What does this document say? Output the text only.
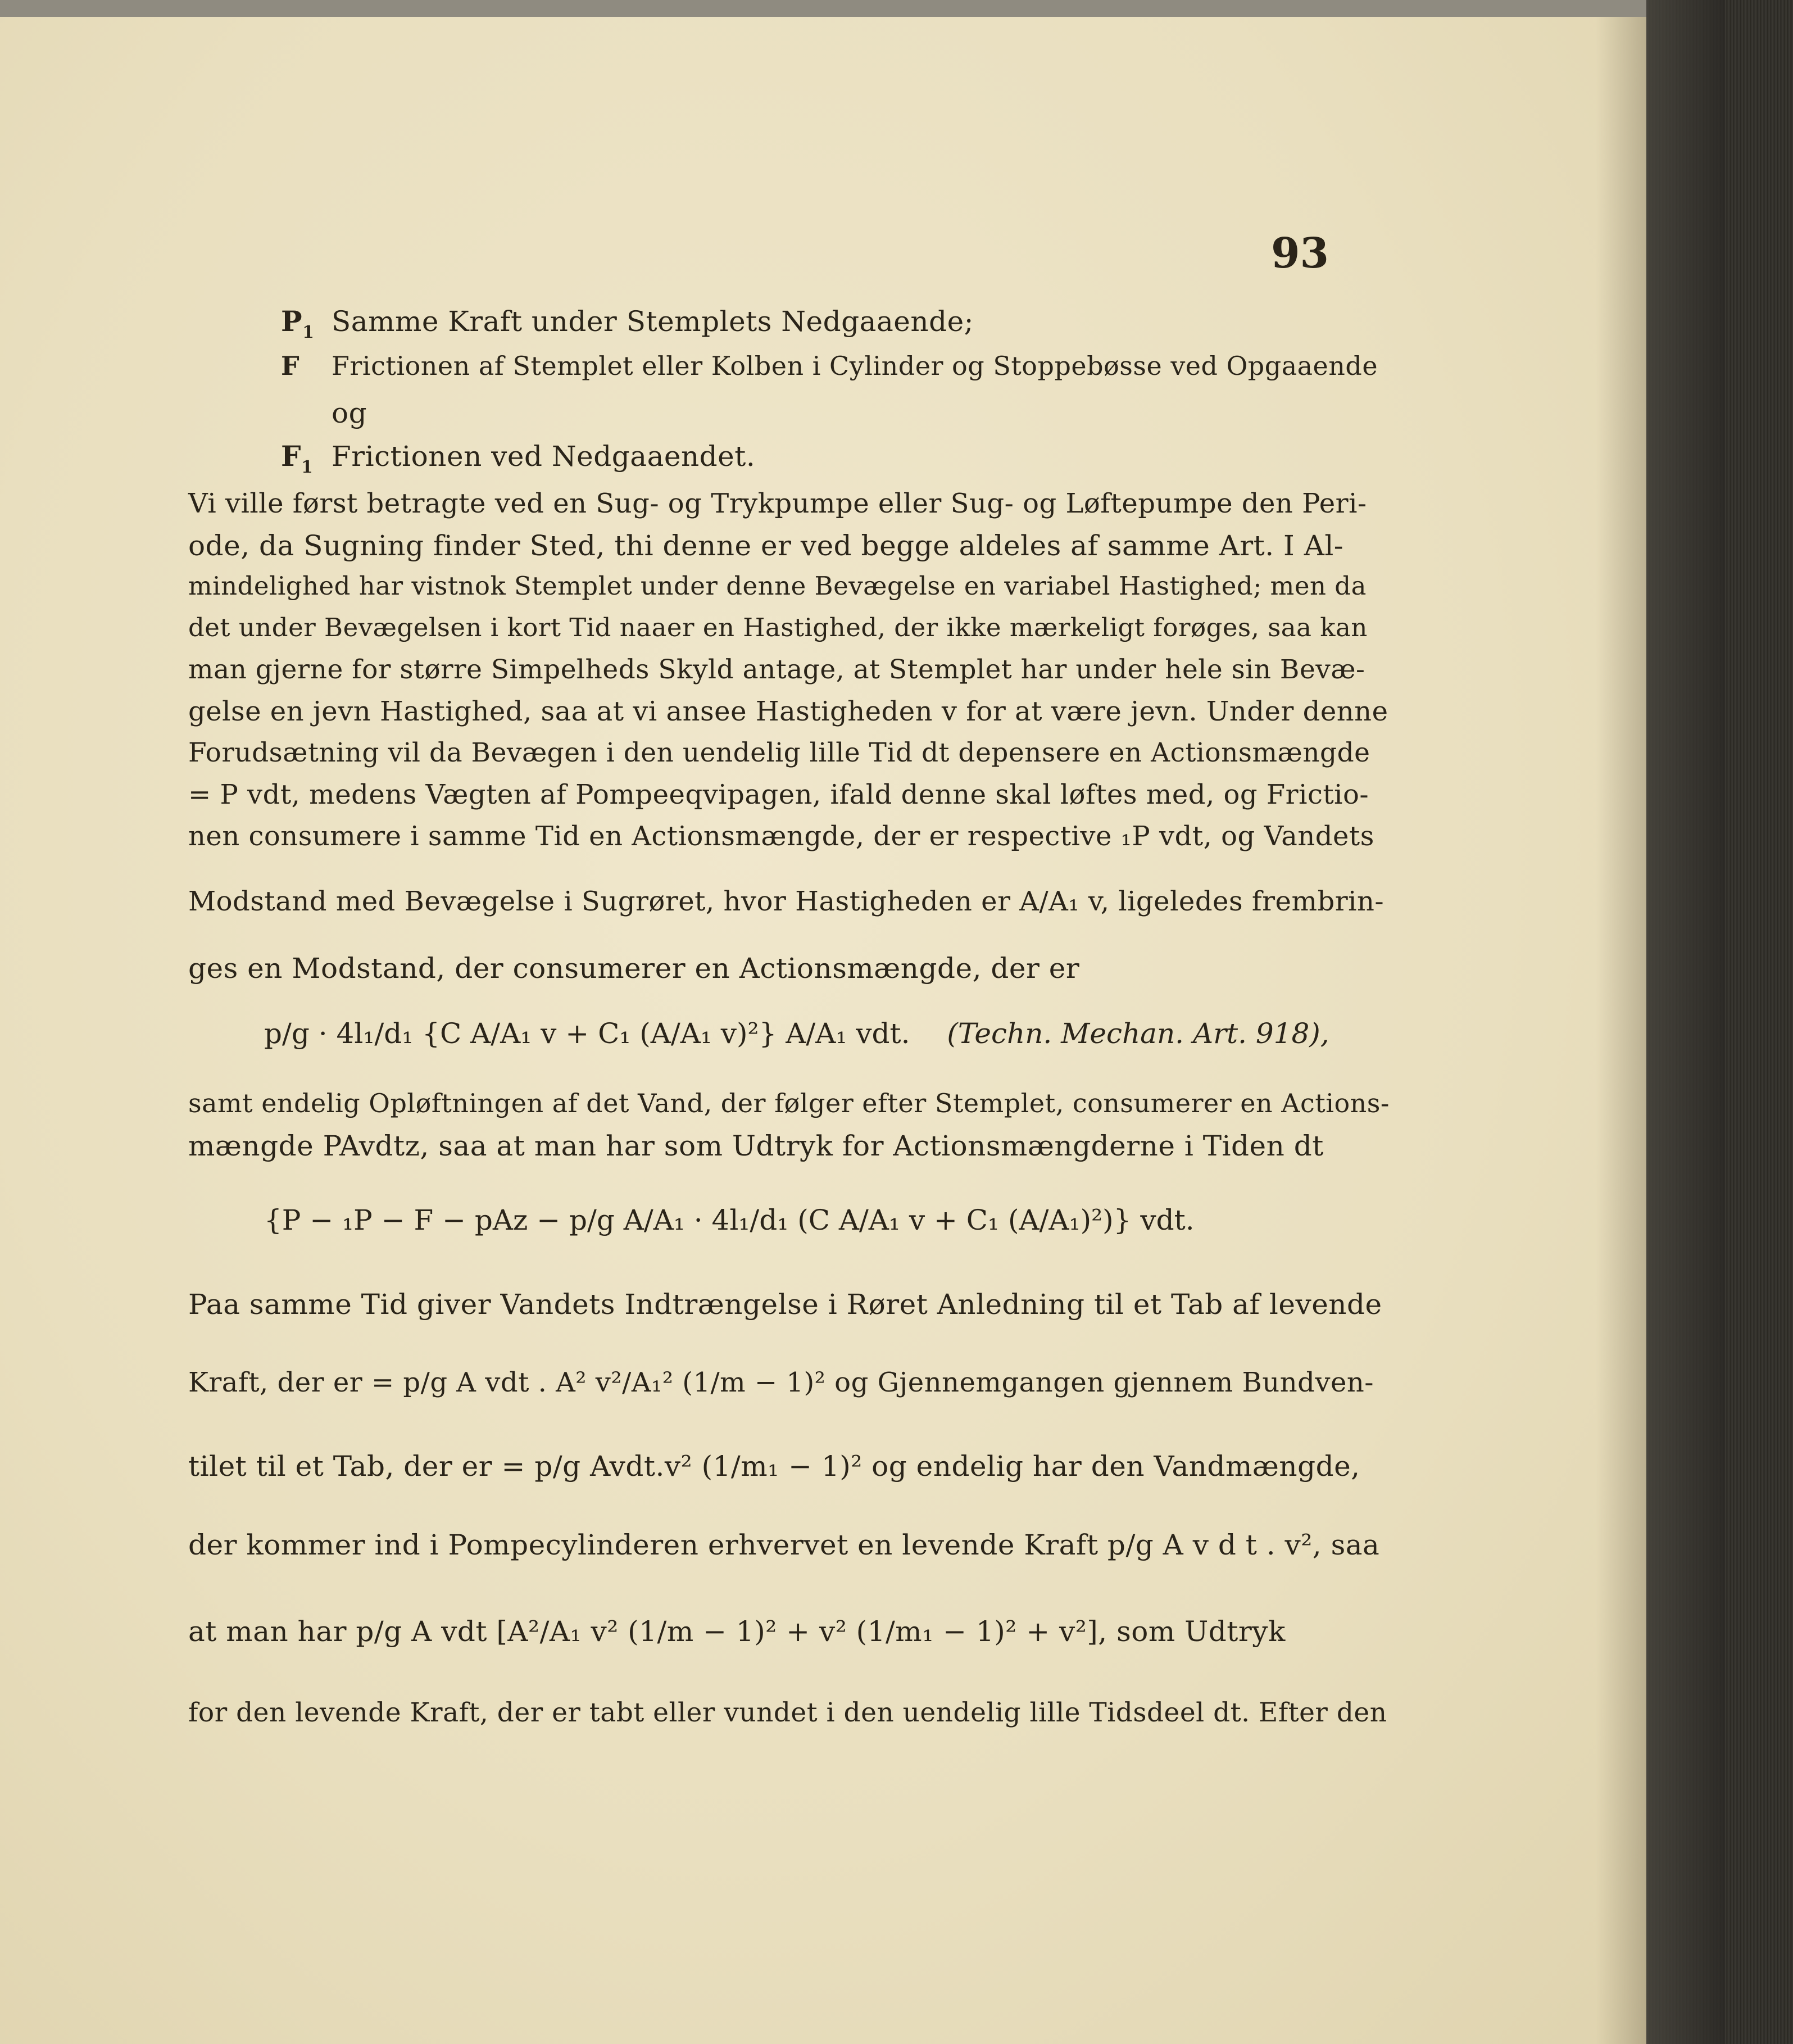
93
$P_1$ Samme Kraft under Stemplets Nedgaaende;
F Frictionen af Stemplet eller Kolben i Cylinder og Stoppebøsse ved Opgaaende
og
$F_1$ Frictionen ved Nedgaaendet.
Vi ville først betragte ved en Sug- og Trykpumpe eller Sug- og Løftepumpe den Peri-
ode, da Sugning finder Sted, thi denne er ved begge aldeles af samme Art. I Al-
mindelighed har vistnok Stemplet under denne Bevægelse en variabel Hastighed; men da
det under Bevægelsen i kort Tid naaer en Hastighed, der ikke mærkeligt forøges, saa kan
man gjerne for større Simpelheds Skyld antage, at Stemplet har under hele sin Bevæ-
gelse en jevn Hastighed, saa at vi ansee Hastigheden v for at være jevn. Under denne
Forudsætning vil da Bevægen i den uendelig lille Tid dt depensere en Actionsmængde
= P vdt, medens Vægten af Pompeeqvipagen, ifald denne skal løftes med, og Frictio-
nen consumere i samme Tid en Actionsmængde, der er respective ₁P vdt, og Vandets
Modstand med Bevægelse i Sugrøret, hvor Hastigheden er A/A₁ v, ligeledes frembrin-
ges en Modstand, der consumerer en Actionsmængde, der er
p/g · 4l₁/d₁ {C A/A₁ v + C₁ (A/A₁ v)²} A/A₁ vdt. (Techn. Mechan. Art. 918),
samt endelig Opløftningen af det Vand, der følger efter Stemplet, consumerer en Actions-
mængde PAvdtz, saa at man har som Udtryk for Actionsmængderne i Tiden dt
{P − ₁P − F − pAz − p/g A/A₁ · 4l₁/d₁ (C A/A₁ v + C₁ (A/A₁)²)} vdt.
Paa samme Tid giver Vandets Indtrængelse i Røret Anledning til et Tab af levende
Kraft, der er = p/g A vdt . A² v²/A₁² (1/m − 1)² og Gjennemgangen gjennem Bundven-
tilet til et Tab, der er = p/g Avdt.v² (1/m₁ − 1)² og endelig har den Vandmængde,
der kommer ind i Pompecylinderen erhvervet en levende Kraft p/g A v d t . v², saa
at man har p/g A vdt [A²/A₁ v² (1/m − 1)² + v² (1/m₁ − 1)² + v²], som Udtryk
for den levende Kraft, der er tabt eller vundet i den uendelig lille Tidsdeel dt. Efter den
